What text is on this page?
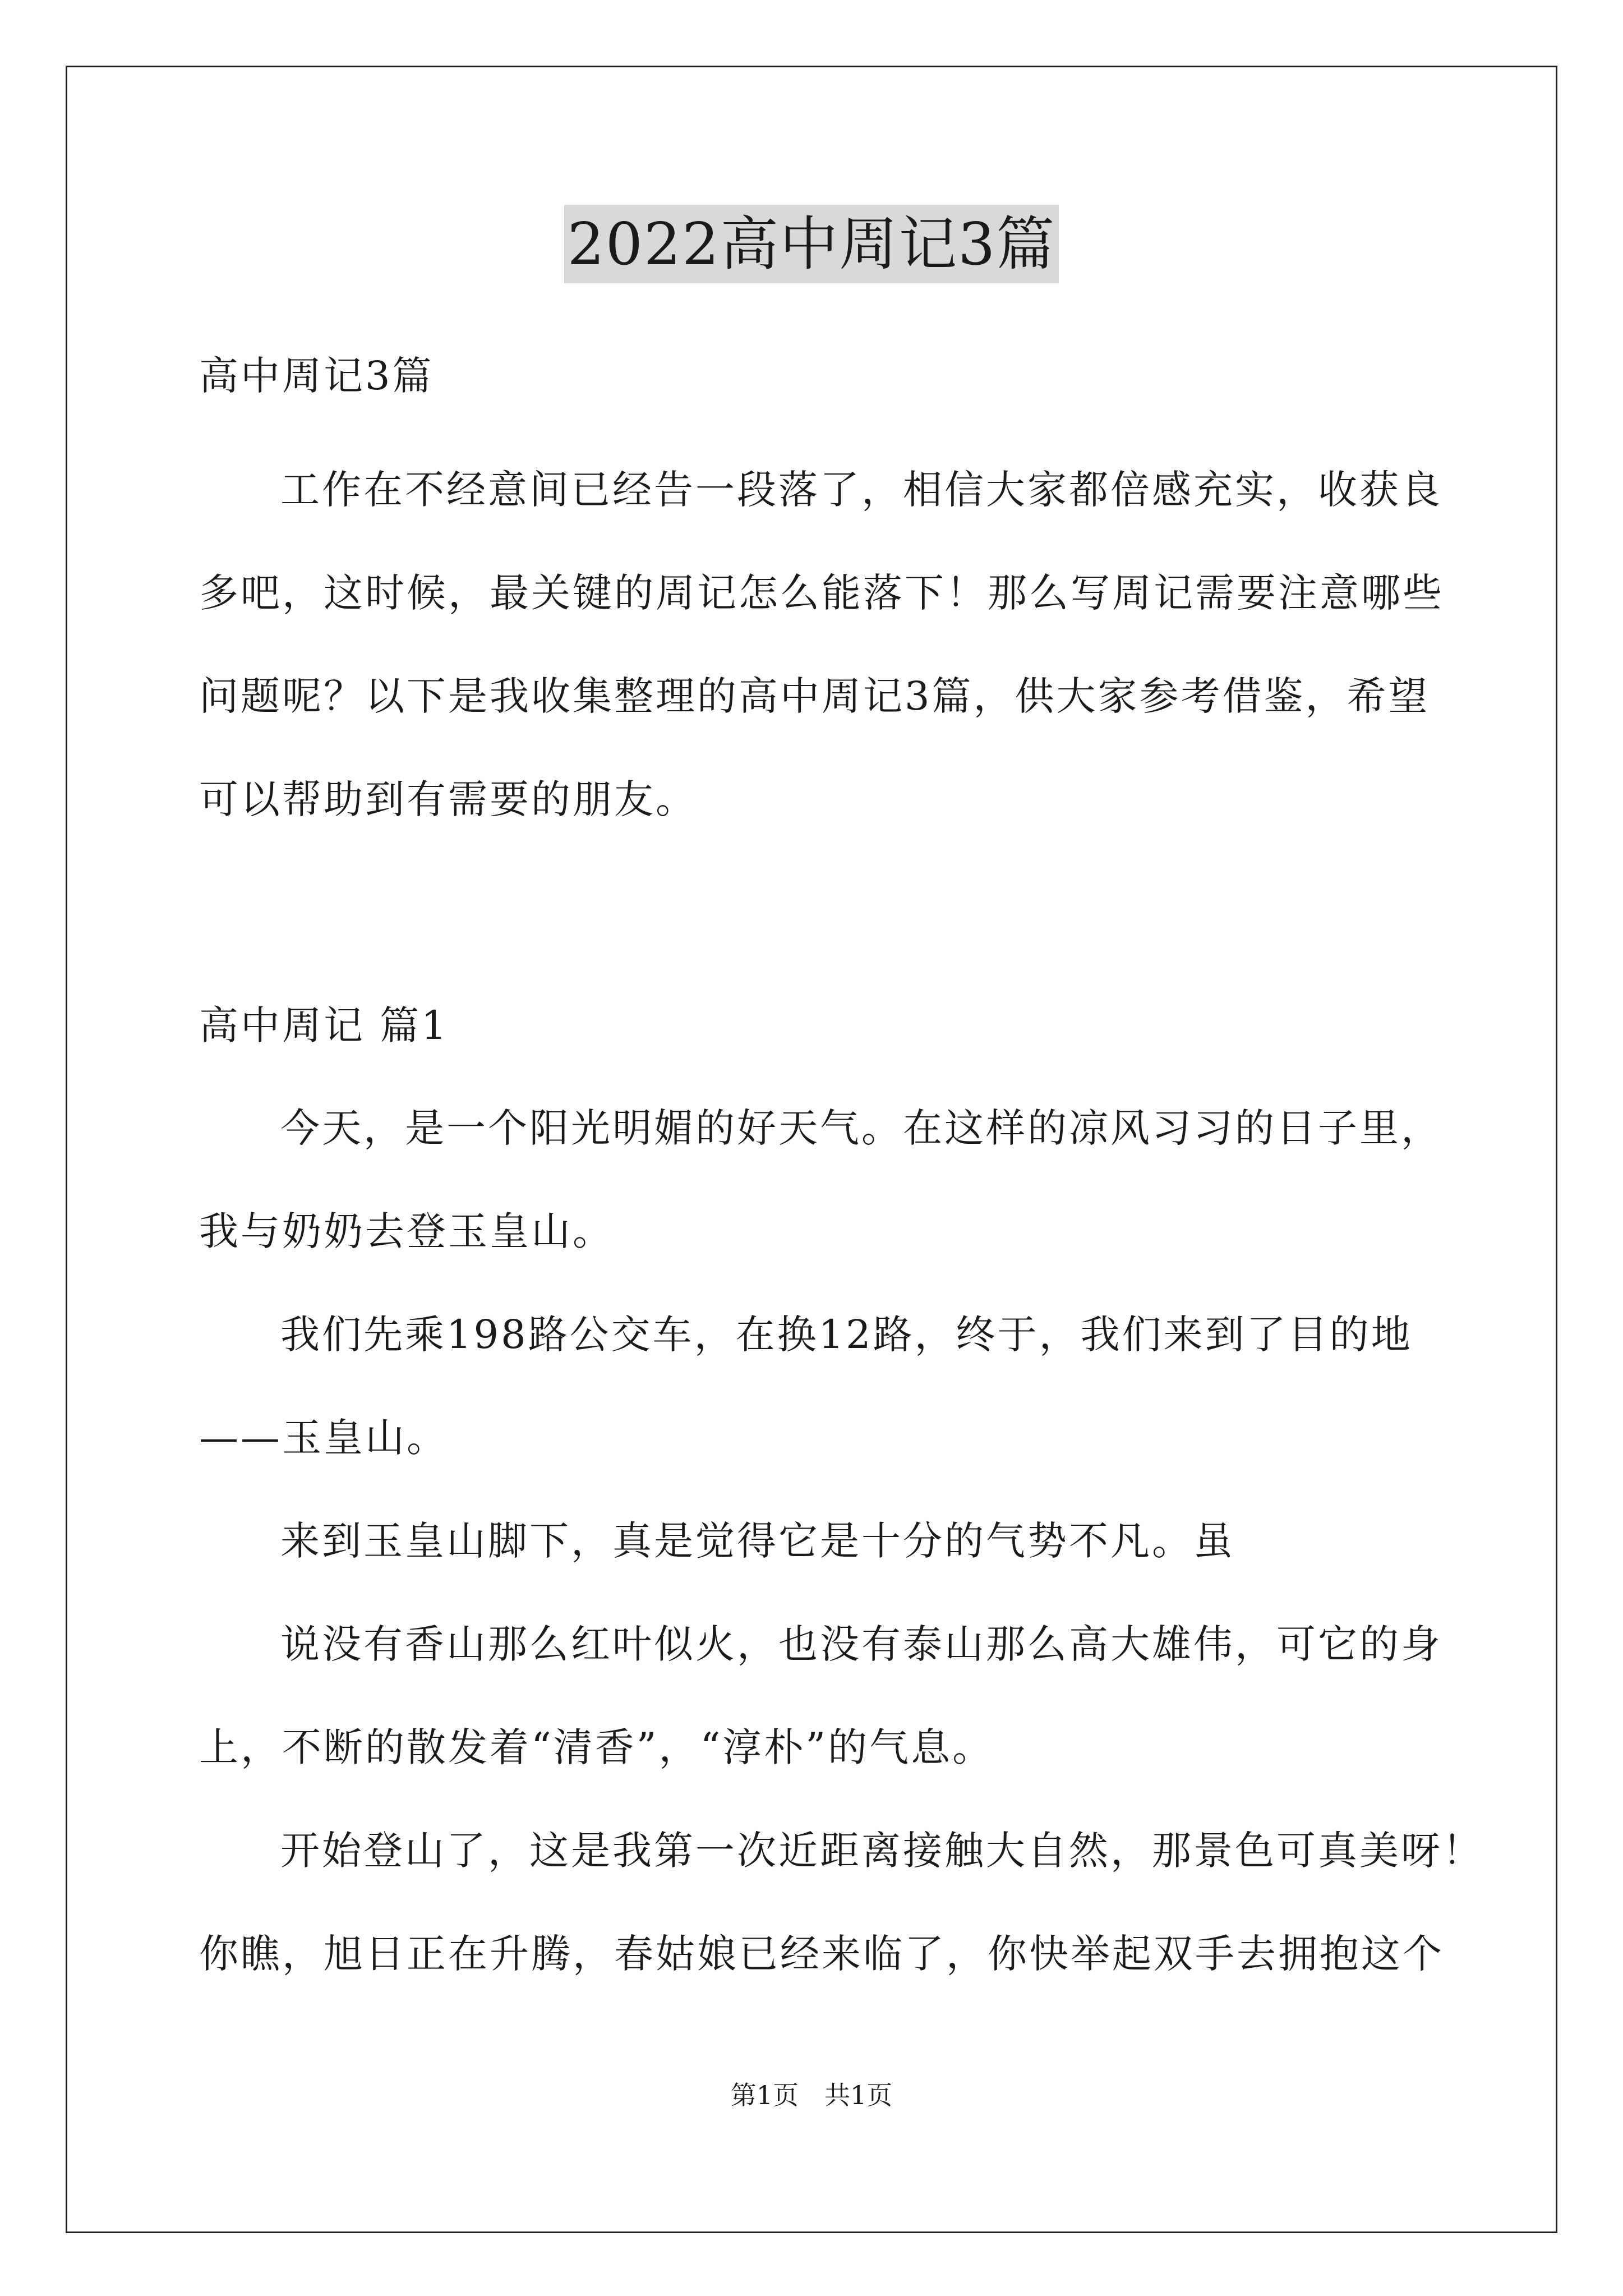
2022高中周记3篇
高中周记3篇
工作在不经意间已经告一段落了，相信大家都倍感充实，收获良
多吧，这时候，最关键的周记怎么能落下！那么写周记需要注意哪些
问题呢？以下是我收集整理的高中周记3篇，供大家参考借鉴，希望
可以帮助到有需要的朋友。
高中周记 篇1
今天，是一个阳光明媚的好天气。在这样的凉风习习的日子里，
我与奶奶去登玉皇山。
我们先乘198路公交车，在换12路，终于，我们来到了目的地
——玉皇山。
来到玉皇山脚下，真是觉得它是十分的气势不凡。虽
说没有香山那么红叶似火，也没有泰山那么高大雄伟，可它的身
上，不断的散发着“清香”，“淳朴”的气息。
开始登山了，这是我第一次近距离接触大自然，那景色可真美呀！
你瞧，旭日正在升腾，春姑娘已经来临了，你快举起双手去拥抱这个
第1页　共1页
